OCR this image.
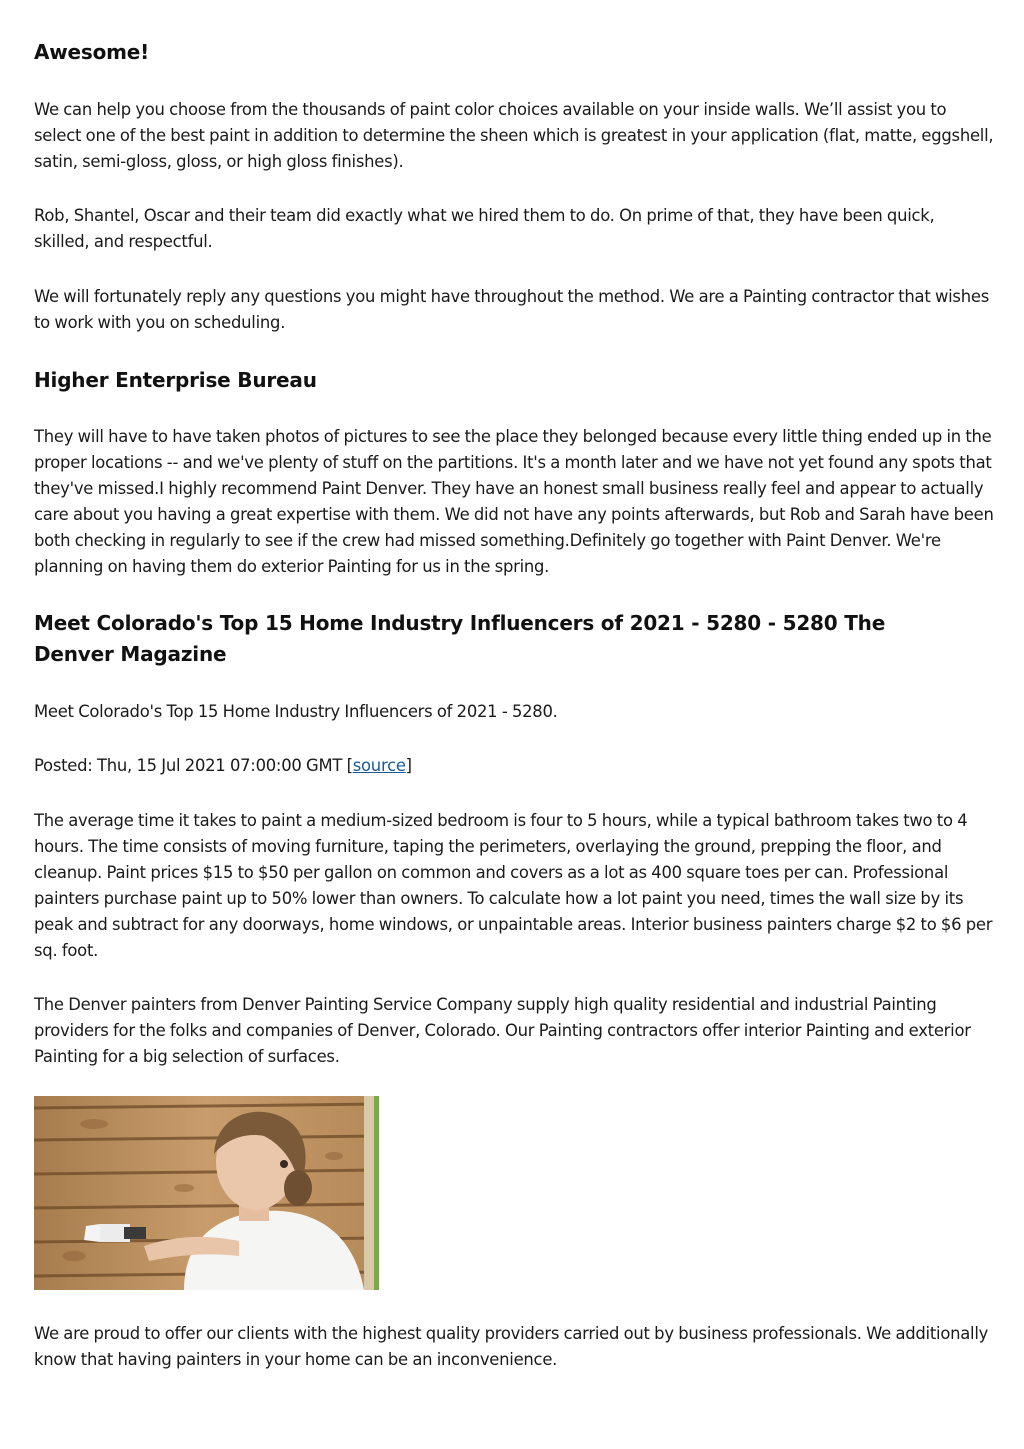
Awesome!

We can help you choose from the thousands of paint color choices available on your inside walls. We’ll assist you to select one of the best paint in addition to determine the sheen which is greatest in your application (flat, matte, eggshell, satin, semi-gloss, gloss, or high gloss finishes).

Rob, Shantel, Oscar and their team did exactly what we hired them to do. On prime of that, they have been quick, skilled, and respectful.

We will fortunately reply any questions you might have throughout the method. We are a Painting contractor that wishes to work with you on scheduling.

Higher Enterprise Bureau

They will have to have taken photos of pictures to see the place they belonged because every little thing ended up in the proper locations -- and we've plenty of stuff on the partitions. It's a month later and we have not yet found any spots that they've missed.I highly recommend Paint Denver. They have an honest small business really feel and appear to actually care about you having a great expertise with them. We did not have any points afterwards, but Rob and Sarah have been both checking in regularly to see if the crew had missed something.Definitely go together with Paint Denver. We're planning on having them do exterior Painting for us in the spring.

Meet Colorado's Top 15 Home Industry Influencers of 2021 - 5280 - 5280 The Denver Magazine

Meet Colorado's Top 15 Home Industry Influencers of 2021 - 5280.

Posted: Thu, 15 Jul 2021 07:00:00 GMT [source]

The average time it takes to paint a medium-sized bedroom is four to 5 hours, while a typical bathroom takes two to 4 hours. The time consists of moving furniture, taping the perimeters, overlaying the ground, prepping the floor, and cleanup. Paint prices $15 to $50 per gallon on common and covers as a lot as 400 square toes per can. Professional painters purchase paint up to 50% lower than owners. To calculate how a lot paint you need, times the wall size by its peak and subtract for any doorways, home windows, or unpaintable areas. Interior business painters charge $2 to $6 per sq. foot.

The Denver painters from Denver Painting Service Company supply high quality residential and industrial Painting providers for the folks and companies of Denver, Colorado. Our Painting contractors offer interior Painting and exterior Painting for a big selection of surfaces.

We are proud to offer our clients with the highest quality providers carried out by business professionals. We additionally know that having painters in your home can be an inconvenience.
